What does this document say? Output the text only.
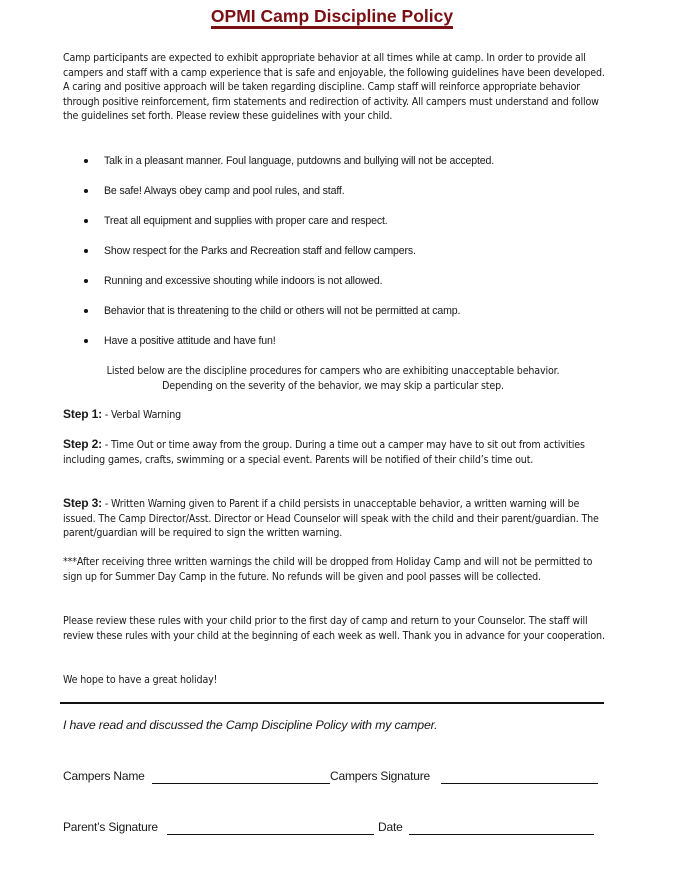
OPMI Camp Discipline Policy
Camp participants are expected to exhibit appropriate behavior at all times while at camp. In order to provide all campers and staff with a camp experience that is safe and enjoyable, the following guidelines have been developed. A caring and positive approach will be taken regarding discipline. Camp staff will reinforce appropriate behavior through positive reinforcement, firm statements and redirection of activity. All campers must understand and follow the guidelines set forth. Please review these guidelines with your child.
Talk in a pleasant manner. Foul language, putdowns and bullying will not be accepted.
Be safe! Always obey camp and pool rules, and staff.
Treat all equipment and supplies with proper care and respect.
Show respect for the Parks and Recreation staff and fellow campers.
Running and excessive shouting while indoors is not allowed.
Behavior that is threatening to the child or others will not be permitted at camp.
Have a positive attitude and have fun!
Listed below are the discipline procedures for campers who are exhibiting unacceptable behavior.
Depending on the severity of the behavior, we may skip a particular step.
Step 1: - Verbal Warning
Step 2: - Time Out or time away from the group. During a time out a camper may have to sit out from activities including games, crafts, swimming or a special event. Parents will be notified of their child’s time out.
Step 3: - Written Warning given to Parent if a child persists in unacceptable behavior, a written warning will be issued. The Camp Director/Asst. Director or Head Counselor will speak with the child and their parent/guardian. The parent/guardian will be required to sign the written warning.
***After receiving three written warnings the child will be dropped from Holiday Camp and will not be permitted to sign up for Summer Day Camp in the future. No refunds will be given and pool passes will be collected.
Please review these rules with your child prior to the first day of camp and return to your Counselor. The staff will review these rules with your child at the beginning of each week as well. Thank you in advance for your cooperation.
We hope to have a great holiday!
I have read and discussed the Camp Discipline Policy with my camper.
Campers Name	Campers Signature
Parent’s Signature	Date
